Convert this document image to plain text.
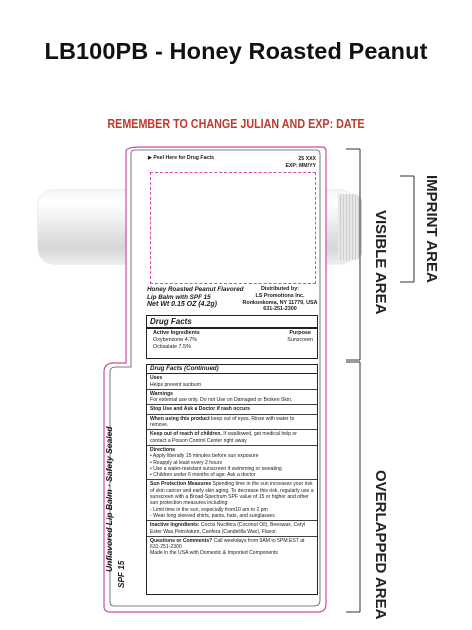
LB100PB - Honey Roasted Peanut
REMEMBER TO CHANGE JULIAN AND EXP: DATE
▶ Peel Here for Drug Facts	25 XXX
EXP: MM/YY
Honey Roasted Peanut Flavored
Lip Balm with SPF 15
Net Wt 0.15 OZ (4.2g)
Distributed by:
LS Promotions Inc.
Ronkonkoma, NY 11779, USA
631-251-2300
Drug Facts
Active Ingredients
Oxybenzone 4.7%
Octisalate 7.5%
Purpose
Sunscreen
Drug Facts (Continued)
Uses
Helps prevent sunburn
Warnings
For external use only. Do not Use on Damaged or Broken Skin.
Stop Use and Ask a Doctor if rash occurs
When using this product keep out of eyes. Rinse with water to remove.
Keep out of reach of children. If swallowed, get medical help or contact a Poison Control Center right away
Directions
• Apply liberally 15 minutes before sun exposure
• Reapply at least every 2 hours
• Use a water-resistant sunscreen if swimming or sweating
• Children under 6 months of age: Ask a doctor
Sun Protection Measures Spending time in the sun increases your risk of skin cancer and early skin aging. To decrease this risk, regularly use a sunscreen with a Broad-Spectrum SPF value of 15 or higher and other sun protection measures including:
- Limit time in the sun, especially from10 am to 2 pm
- Wear long sleeved shirts, pants, hats, and sunglasses
Inactive Ingredients: Cocos Nucifera (Coconut Oil), Beeswax, Cetyl Ester Wax,Petrolatum, Canfera (Candelilla Wax), Flavor.
Questions or Comments? Call weekdays from 9AM to 5PM EST at 631-251-2300
Made in the USA with Domestic & Imported Components
Unflavored Lip Balm · Safety Sealed
SPF 15
IMPRINT AREA
VISIBLE AREA
OVERLAPPED AREA
